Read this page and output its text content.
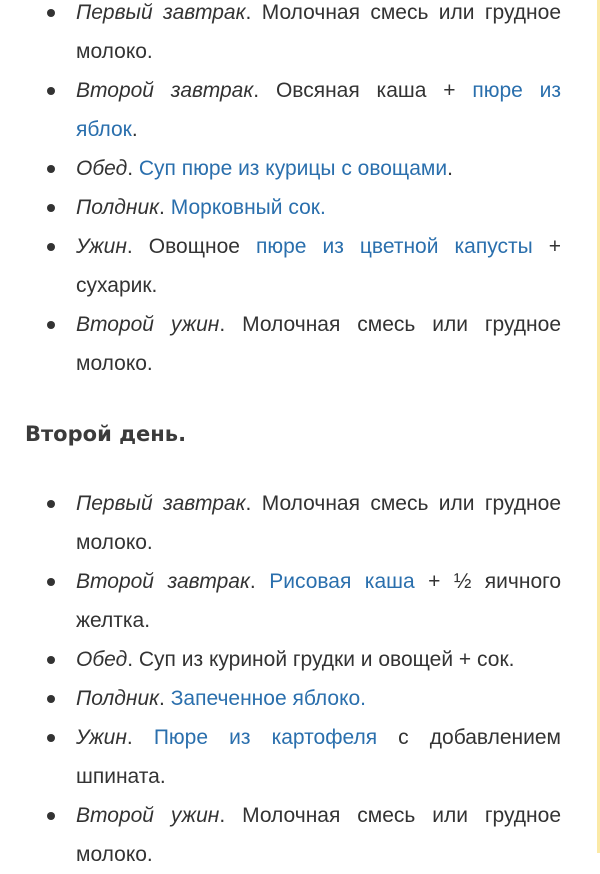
Первый завтрак. Молочная смесь или грудное молоко.
Второй завтрак. Овсяная каша + пюре из яблок.
Обед. Суп пюре из курицы с овощами.
Полдник. Морковный сок.
Ужин. Овощное пюре из цветной капусты + сухарик.
Второй ужин. Молочная смесь или грудное молоко.
Второй день.
Первый завтрак. Молочная смесь или грудное молоко.
Второй завтрак. Рисовая каша + ½ яичного желтка.
Обед. Суп из куриной грудки и овощей + сок.
Полдник. Запеченное яблоко.
Ужин. Пюре из картофеля с добавлением шпината.
Второй ужин. Молочная смесь или грудное молоко.
